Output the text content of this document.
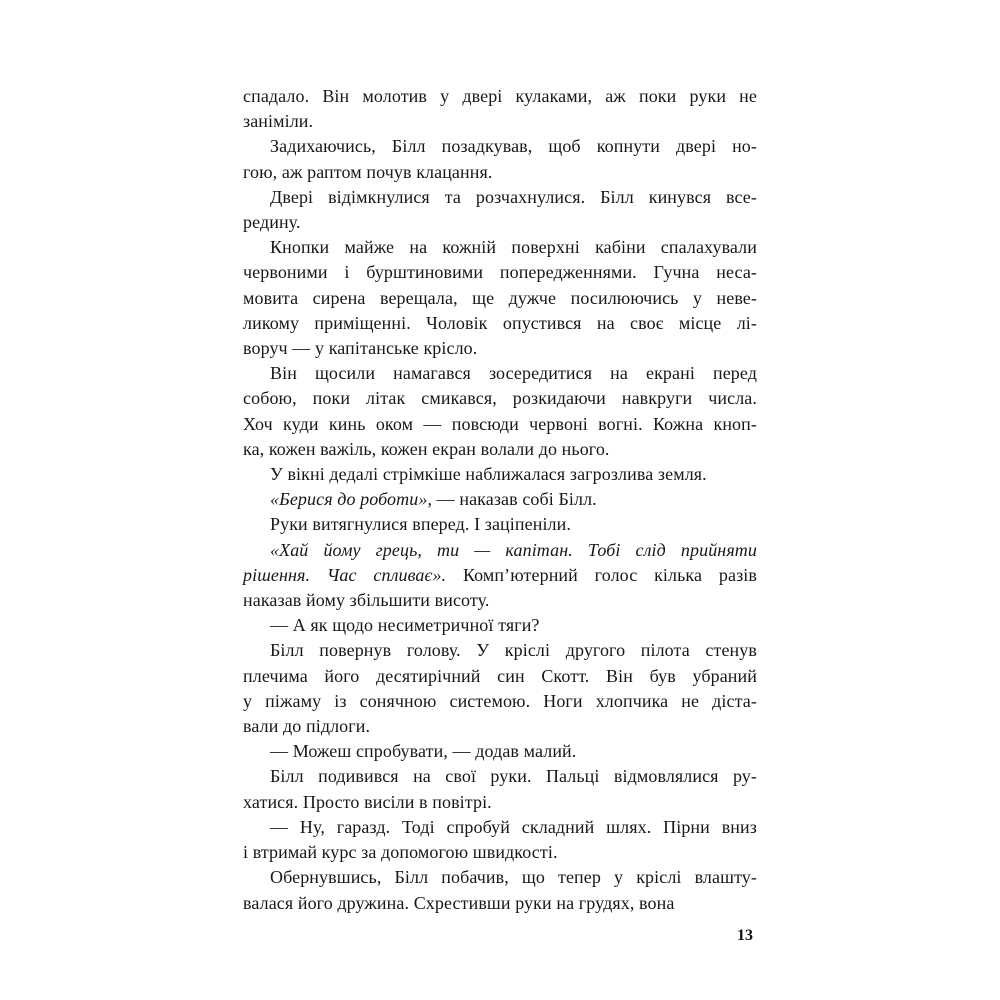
спадало. Він молотив у двері кулаками, аж поки руки не
заніміли.
Задихаючись, Білл позадкував, щоб копнути двері но-
гою, аж раптом почув клацання.
Двері відімкнулися та розчахнулися. Білл кинувся все-
редину.
Кнопки майже на кожній поверхні кабіни спалахували
червоними і бурштиновими попередженнями. Гучна неса-
мовита сирена верещала, ще дужче посилюючись у неве-
ликому приміщенні. Чоловік опустився на своє місце лі-
воруч — у капітанське крісло.
Він щосили намагався зосередитися на екрані перед
собою, поки літак смикався, розкидаючи навкруги числа.
Хоч куди кинь оком — повсюди червоні вогні. Кожна кноп-
ка, кожен важіль, кожен екран волали до нього.
У вікні дедалі стрімкіше наближалася загрозлива земля.
«Берися до роботи», — наказав собі Білл.
Руки витягнулися вперед. І заціпеніли.
«Хай йому грець, ти — капітан. Тобі слід прийняти
рішення. Час спливає». Комп’ютерний голос кілька разів
наказав йому збільшити висоту.
— А як щодо несиметричної тяги?
Білл повернув голову. У кріслі другого пілота стенув
плечима його десятирічний син Скотт. Він був убраний
у піжаму із сонячною системою. Ноги хлопчика не діста-
вали до підлоги.
— Можеш спробувати, — додав малий.
Білл подивився на свої руки. Пальці відмовлялися ру-
хатися. Просто висіли в повітрі.
— Ну, гаразд. Тоді спробуй складний шлях. Пірни вниз
і втримай курс за допомогою швидкості.
Обернувшись, Білл побачив, що тепер у кріслі влашту-
валася його дружина. Схрестивши руки на грудях, вона
13
